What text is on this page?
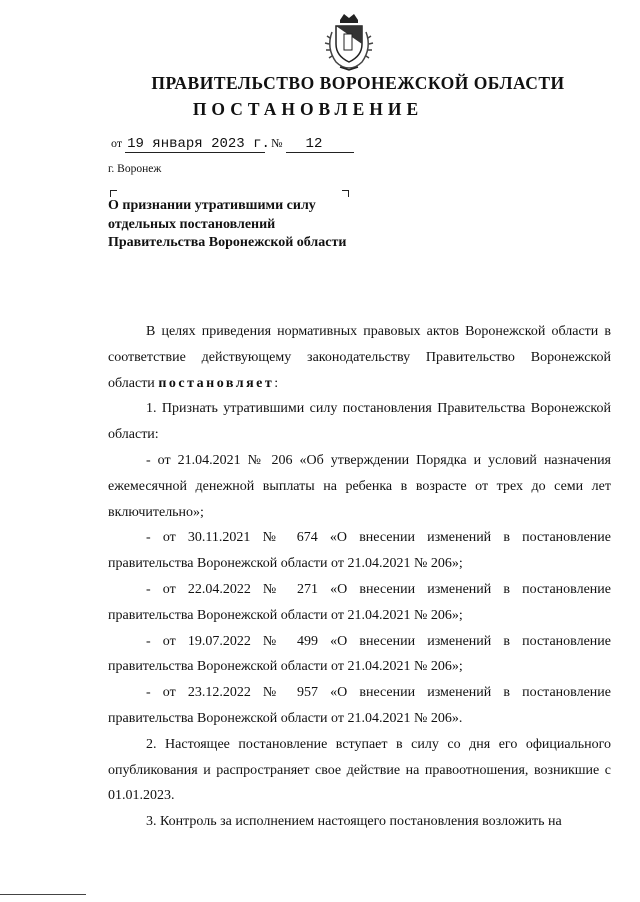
ПРАВИТЕЛЬСТВО ВОРОНЕЖСКОЙ ОБЛАСТИ
ПОСТАНОВЛЕНИЕ
от 19 января 2023 г. № 12
г. Воронеж
О признании утратившими силу
отдельных постановлений
Правительства Воронежской области

В целях приведения нормативных правовых актов Воронежской области в соответствие действующему законодательству Правительство Воронежской области постановляет:

1. Признать утратившими силу постановления Правительства Воронежской области:

- от 21.04.2021 № 206 «Об утверждении Порядка и условий назначения ежемесячной денежной выплаты на ребенка в возрасте от трех до семи лет включительно»;

- от 30.11.2021 № 674 «О внесении изменений в постановление правительства Воронежской области от 21.04.2021 № 206»;

- от 22.04.2022 № 271 «О внесении изменений в постановление правительства Воронежской области от 21.04.2021 № 206»;

- от 19.07.2022 № 499 «О внесении изменений в постановление правительства Воронежской области от 21.04.2021 № 206»;

- от 23.12.2022 № 957 «О внесении изменений в постановление правительства Воронежской области от 21.04.2021 № 206».

2. Настоящее постановление вступает в силу со дня его официального опубликования и распространяет свое действие на правоотношения, возникшие с 01.01.2023.

3. Контроль за исполнением настоящего постановления возложить на
